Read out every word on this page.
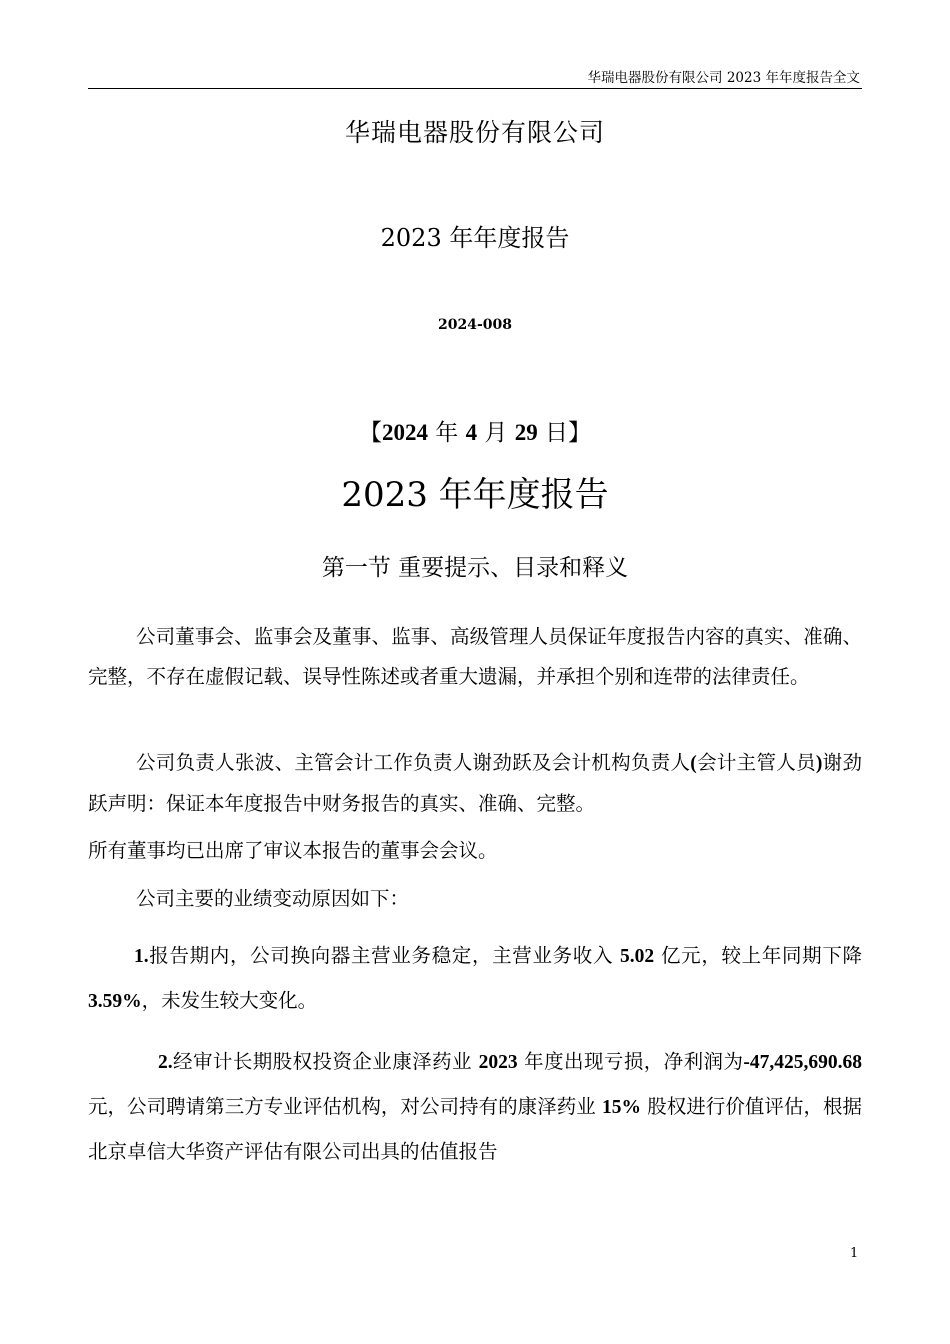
华瑞电器股份有限公司 2023 年年度报告全文
华瑞电器股份有限公司
2023 年年度报告
2024-008
【2024 年 4 月 29 日】
2023 年年度报告
第一节 重要提示、目录和释义
公司董事会、监事会及董事、监事、高级管理人员保证年度报告内容的真实、准确、完整，不存在虚假记载、误导性陈述或者重大遗漏，并承担个别和连带的法律责任。
公司负责人张波、主管会计工作负责人谢劲跃及会计机构负责人(会计主管人员)谢劲跃声明：保证本年度报告中财务报告的真实、准确、完整。
所有董事均已出席了审议本报告的董事会会议。
公司主要的业绩变动原因如下：
1.报告期内，公司换向器主营业务稳定，主营业务收入 5.02 亿元，较上年同期下降 3.59%，未发生较大变化。
2.经审计长期股权投资企业康泽药业 2023 年度出现亏损，净利润为-47,425,690.68 元，公司聘请第三方专业评估机构，对公司持有的康泽药业 15% 股权进行价值评估，根据北京卓信大华资产评估有限公司出具的估值报告
1
